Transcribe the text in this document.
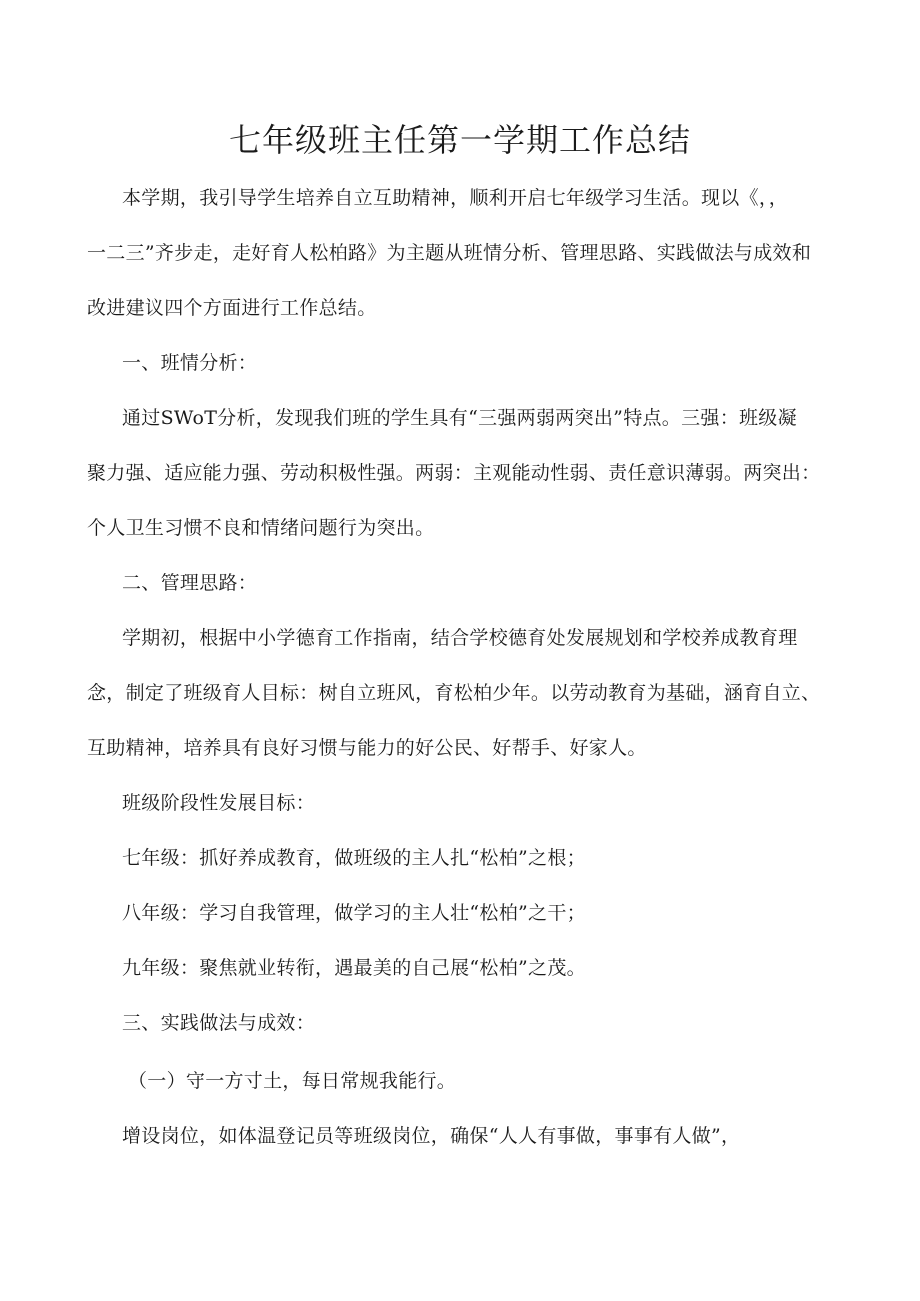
七年级班主任第一学期工作总结
本学期，我引导学生培养自立互助精神，顺利开启七年级学习生活。现以《，，
一二三”齐步走，走好育人松柏路》为主题从班情分析、管理思路、实践做法与成效和
改进建议四个方面进行工作总结。
一、班情分析：
通过SWoT分析，发现我们班的学生具有“三强两弱两突出”特点。三强：班级凝
聚力强、适应能力强、劳动积极性强。两弱：主观能动性弱、责任意识薄弱。两突出：
个人卫生习惯不良和情绪问题行为突出。
二、管理思路：
学期初，根据中小学德育工作指南，结合学校德育处发展规划和学校养成教育理
念，制定了班级育人目标：树自立班风，育松柏少年。以劳动教育为基础，涵育自立、
互助精神，培养具有良好习惯与能力的好公民、好帮手、好家人。
班级阶段性发展目标：
七年级：抓好养成教育，做班级的主人扎“松柏”之根；
八年级：学习自我管理，做学习的主人壮“松柏”之干；
九年级：聚焦就业转衔，遇最美的自己展“松柏”之茂。
三、实践做法与成效：
（一）守一方寸土，每日常规我能行。
增设岗位，如体温登记员等班级岗位，确保“人人有事做，事事有人做”，
